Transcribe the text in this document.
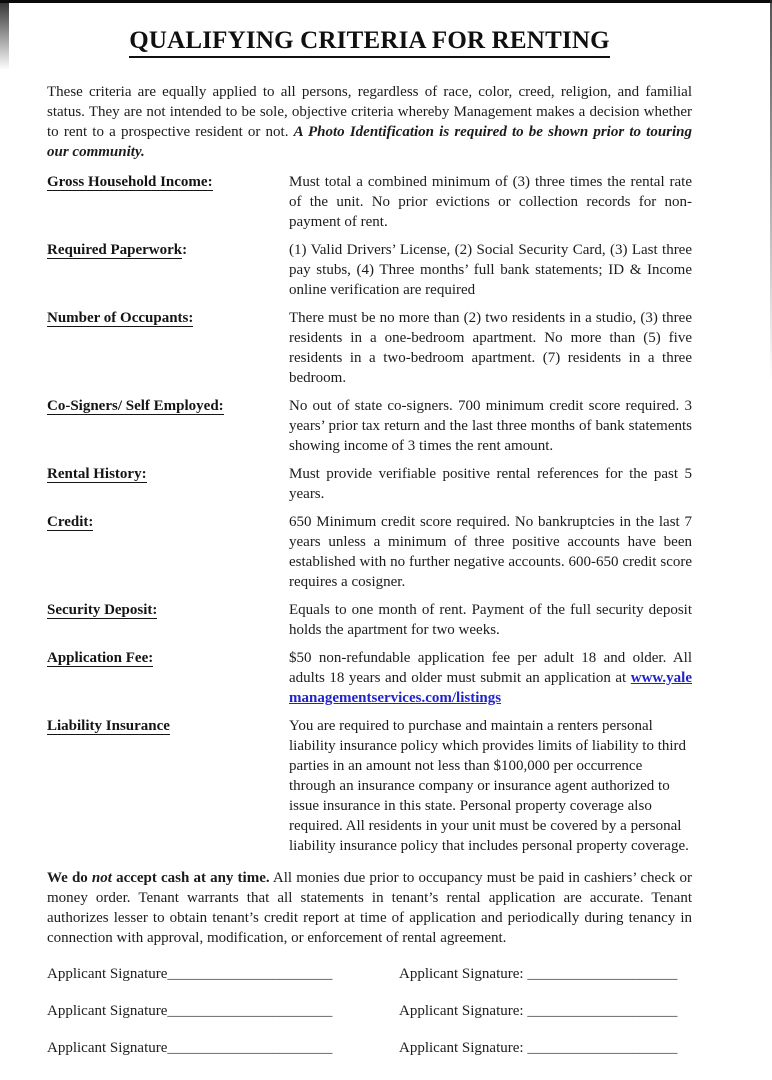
QUALIFYING CRITERIA FOR RENTING

These criteria are equally applied to all persons, regardless of race, color, creed, religion, and familial status. They are not intended to be sole, objective criteria whereby Management makes a decision whether to rent to a prospective resident or not. A Photo Identification is required to be shown prior to touring our community.

Gross Household Income:	Must total a combined minimum of (3) three times the rental rate of the unit. No prior evictions or collection records for non-payment of rent.
Required Paperwork:	(1) Valid Drivers’ License, (2) Social Security Card, (3) Last three pay stubs, (4) Three months’ full bank statements; ID & Income online verification are required
Number of Occupants:	There must be no more than (2) two residents in a studio, (3) three residents in a one-bedroom apartment. No more than (5) five residents in a two-bedroom apartment. (7) residents in a three bedroom.
Co-Signers/ Self Employed:	No out of state co-signers. 700 minimum credit score required. 3 years’ prior tax return and the last three months of bank statements showing income of 3 times the rent amount.
Rental History:	Must provide verifiable positive rental references for the past 5 years.
Credit:	650 Minimum credit score required. No bankruptcies in the last 7 years unless a minimum of three positive accounts have been established with no further negative accounts. 600-650 credit score requires a cosigner.
Security Deposit:	Equals to one month of rent. Payment of the full security deposit holds the apartment for two weeks.
Application Fee:	$50 non-refundable application fee per adult 18 and older. All adults 18 years and older must submit an application at www.yalemanagementservices.com/listings
Liability Insurance	You are required to purchase and maintain a renters personal liability insurance policy which provides limits of liability to third parties in an amount not less than $100,000 per occurrence through an insurance company or insurance agent authorized to issue insurance in this state. Personal property coverage also required. All residents in your unit must be covered by a personal liability insurance policy that includes personal property coverage.

We do not accept cash at any time. All monies due prior to occupancy must be paid in cashiers’ check or money order. Tenant warrants that all statements in tenant’s rental application are accurate. Tenant authorizes lesser to obtain tenant’s credit report at time of application and periodically during tenancy in connection with approval, modification, or enforcement of rental agreement.

Applicant Signature______________________	Applicant Signature: ____________________
Applicant Signature______________________	Applicant Signature: ____________________
Applicant Signature______________________	Applicant Signature: ____________________
